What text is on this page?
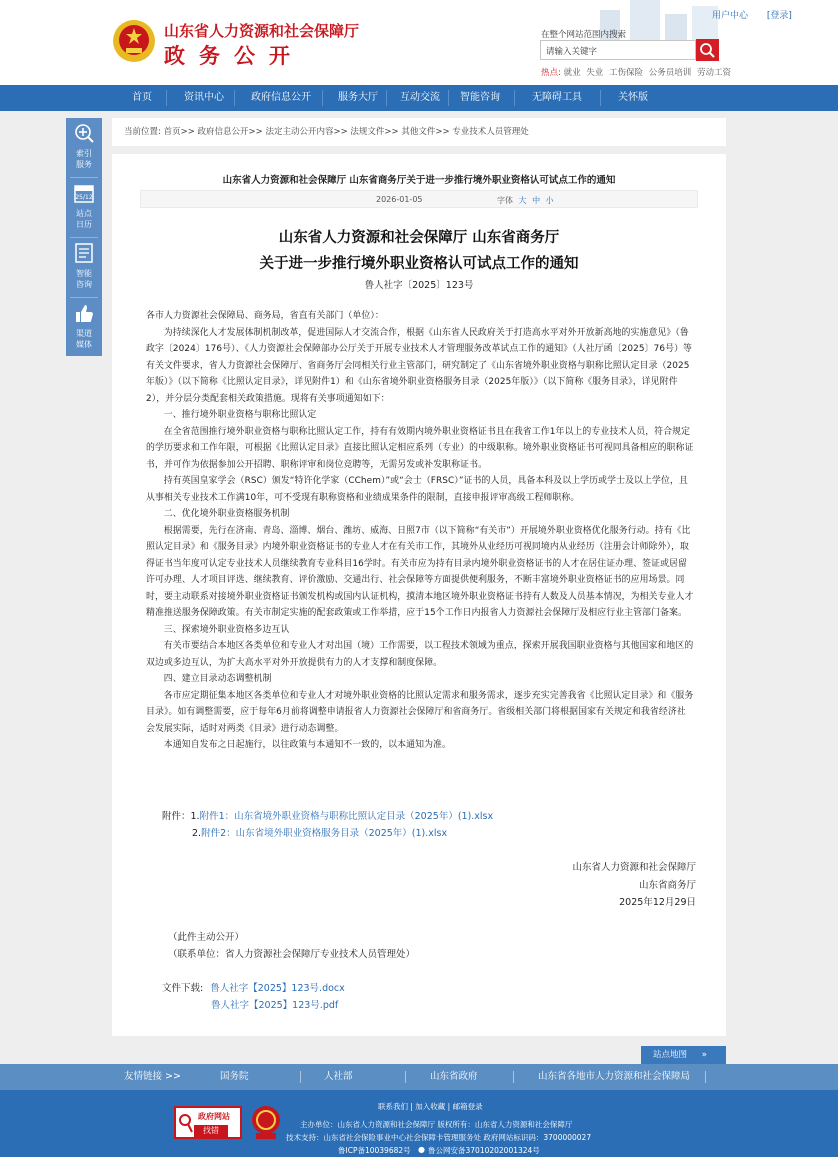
山东省人力资源和社会保障厅
政务公开
用户中心 [登录]
在整个网站范围内搜索
请输入关键字
热点: 就业 失业 工伤保险 公务员培训 劳动工资
首页	资讯中心	政府信息公开	服务大厅 互动交流 智能咨询	无障碍工具	关怀版
索引
服务
25/12
站点
日历
智能
咨询
渠道
媒体
当前位置: 首页>> 政府信息公开>> 法定主动公开内容>> 法规文件>> 其他文件>> 专业技术人员管理处
山东省人力资源和社会保障厅 山东省商务厅关于进一步推行境外职业资格认可试点工作的通知
2026-01-05	字体 大 中 小
山东省人力资源和社会保障厅 山东省商务厅
关于进一步推行境外职业资格认可试点工作的通知
鲁人社字〔2025〕123号
各市人力资源社会保障局、商务局，省直有关部门（单位）：
为持续深化人才发展体制机制改革，促进国际人才交流合作，根据《山东省人民政府关于打造高水平对外开放新高地的实施意见》（鲁政字〔2024〕176号）、《人力资源社会保障部办公厅关于开展专业技术人才管理服务改革试点工作的通知》（人社厅函〔2025〕76号）等有关文件要求，省人力资源社会保障厅、省商务厅会同相关行业主管部门，研究制定了《山东省境外职业资格与职称比照认定目录（2025年版）》（以下简称《比照认定目录》，详见附件1）和《山东省境外职业资格服务目录（2025年版）》（以下简称《服务目录》，详见附件2），并分层分类配套相关政策措施。现将有关事项通知如下：
一、推行境外职业资格与职称比照认定
在全省范围推行境外职业资格与职称比照认定工作，持有有效期内境外职业资格证书且在我省工作1年以上的专业技术人员，符合规定的学历要求和工作年限，可根据《比照认定目录》直接比照认定相应系列（专业）的中级职称。境外职业资格证书可视同具备相应的职称证书，并可作为依据参加公开招聘、职称评审和岗位竞聘等，无需另发或补发职称证书。
持有英国皇家学会（RSC）颁发“特许化学家（CChem）”或“会士（FRSC）”证书的人员，具备本科及以上学历或学士及以上学位，且从事相关专业技术工作满10年，可不受现有职称资格和业绩成果条件的限制，直接申报评审高级工程师职称。
二、优化境外职业资格服务机制
根据需要，先行在济南、青岛、淄博、烟台、潍坊、威海、日照7市（以下简称“有关市”）开展境外职业资格优化服务行动。持有《比照认定目录》和《服务目录》内境外职业资格证书的专业人才在有关市工作，其境外从业经历可视同境内从业经历（注册会计师除外），取得证书当年度可认定专业技术人员继续教育专业科目16学时。有关市应为持有目录内境外职业资格证书的人才在居住证办理、签证或居留许可办理、人才项目评选、继续教育、评价激励、交通出行、社会保障等方面提供便利服务，不断丰富境外职业资格证书的应用场景。同时，要主动联系对接境外职业资格证书颁发机构或国内认证机构，摸清本地区境外职业资格证书持有人数及人员基本情况，为相关专业人才精准推送服务保障政策。有关市制定实施的配套政策或工作举措，应于15个工作日内报省人力资源社会保障厅及相应行业主管部门备案。
三、探索境外职业资格多边互认
有关市要结合本地区各类单位和专业人才对出国（境）工作需要，以工程技术领域为重点，探索开展我国职业资格与其他国家和地区的双边或多边互认，为扩大高水平对外开放提供有力的人才支撑和制度保障。
四、建立目录动态调整机制
各市应定期征集本地区各类单位和专业人才对境外职业资格的比照认定需求和服务需求，逐步充实完善我省《比照认定目录》和《服务目录》。如有调整需要，应于每年6月前将调整申请报省人力资源社会保障厅和省商务厅。省级相关部门将根据国家有关规定和我省经济社会发展实际，适时对两类《目录》进行动态调整。
本通知自发布之日起施行，以往政策与本通知不一致的，以本通知为准。
附件：1.附件1：山东省境外职业资格与职称比照认定目录（2025年）(1).xlsx
2.附件2：山东省境外职业资格服务目录（2025年）(1).xlsx
山东省人力资源和社会保障厅
山东省商务厅
2025年12月29日
（此件主动公开）
（联系单位：省人力资源社会保障厅专业技术人员管理处）
文件下载: 鲁人社字【2025】123号.docx
鲁人社字【2025】123号.pdf
站点地图 »
友情链接 >>	国务院	人社部	山东省政府	山东省各地市人力资源和社会保障局
政府网站
找错
联系我们 | 加入收藏 | 邮箱登录
主办单位：山东省人力资源和社会保障厅 版权所有：山东省人力资源和社会保障厅
技术支持：山东省社会保险事业中心社会保障卡管理服务处 政府网站标识码：3700000027
鲁ICP备10039682号 ● 鲁公网安备37010202001324号
